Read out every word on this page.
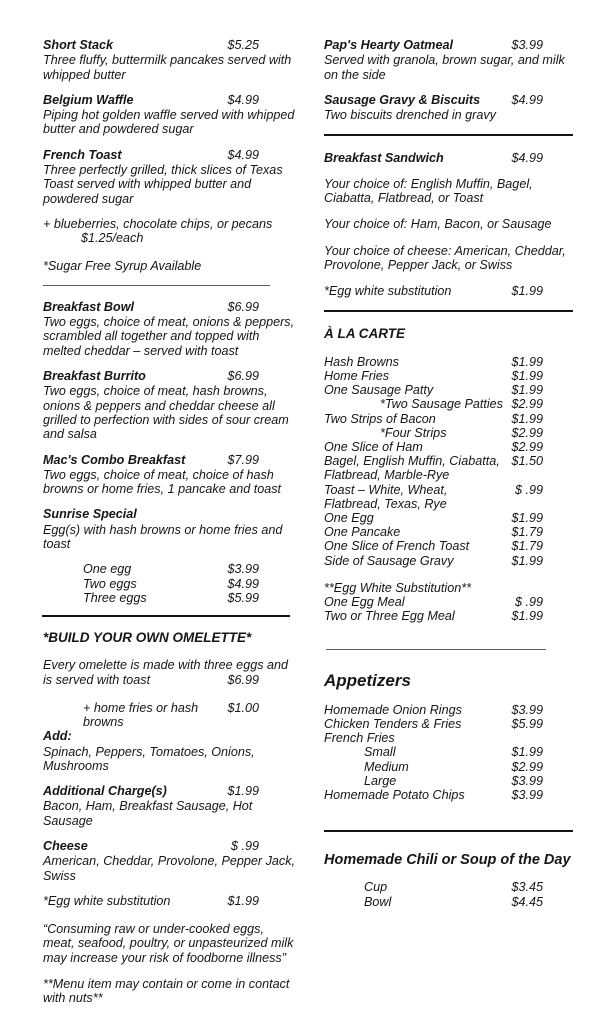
Short Stack	$5.25
Three fluffy, buttermilk pancakes served with whipped butter
Belgium Waffle	$4.99
Piping hot golden waffle served with whipped butter and powdered sugar
French Toast	$4.99
Three perfectly grilled, thick slices of Texas Toast served with whipped butter and powdered sugar
+ blueberries, chocolate chips, or pecans
$1.25/each
*Sugar Free Syrup Available
Breakfast Bowl	$6.99
Two eggs, choice of meat, onions & peppers, scrambled all together and topped with melted cheddar – served with toast
Breakfast Burrito	$6.99
Two eggs, choice of meat, hash browns, onions & peppers and cheddar cheese all grilled to perfection with sides of sour cream and salsa
Mac's Combo Breakfast	$7.99
Two eggs, choice of meat, choice of hash browns or home fries, 1 pancake and toast
Sunrise Special
Egg(s) with hash browns or home fries and toast
One egg	$3.99
Two eggs	$4.99
Three eggs	$5.99
*BUILD YOUR OWN OMELETTE*
Every omelette is made with three eggs and is served with toast	$6.99
+ home fries or hash browns
$1.00
Add:
Spinach, Peppers, Tomatoes, Onions, Mushrooms
Additional Charge(s)	$1.99
Bacon, Ham, Breakfast Sausage, Hot Sausage
Cheese	$ .99
American, Cheddar, Provolone, Pepper Jack, Swiss
*Egg white substitution	$1.99
“Consuming raw or under-cooked eggs, meat, seafood, poultry, or unpasteurized milk may increase your risk of foodborne illness”
**Menu item may contain or come in contact with nuts**
Pap's Hearty Oatmeal	$3.99
Served with granola, brown sugar, and milk on the side
Sausage Gravy & Biscuits $4.99
Two biscuits drenched in gravy
Breakfast Sandwich	$4.99
Your choice of: English Muffin, Bagel, Ciabatta, Flatbread, or Toast
Your choice of: Ham, Bacon, or Sausage
Your choice of cheese: American, Cheddar, Provolone, Pepper Jack, or Swiss
*Egg white substitution	$1.99
À LA CARTE
Hash Browns	$1.99
Home Fries	$1.99
One Sausage Patty	$1.99
*Two Sausage Patties $2.99
Two Strips of Bacon	$1.99
*Four Strips	$2.99
One Slice of Ham	$2.99
Bagel, English Muffin, Ciabatta, Flatbread, Marble-Rye
$1.50
Toast – White, Wheat, Flatbread, Texas, Rye
$ .99
One Egg	$1.99
One Pancake	$1.79
One Slice of French Toast	$1.79
Side of Sausage Gravy	$1.99
**Egg White Substitution**
One Egg Meal	$ .99
Two or Three Egg Meal	$1.99
Appetizers
Homemade Onion Rings	$3.99
Chicken Tenders & Fries	$5.99
French Fries
Small	$1.99
Medium	$2.99
Large	$3.99
Homemade Potato Chips	$3.99
Homemade Chili or Soup of the Day
Cup	$3.45
Bowl	$4.45
